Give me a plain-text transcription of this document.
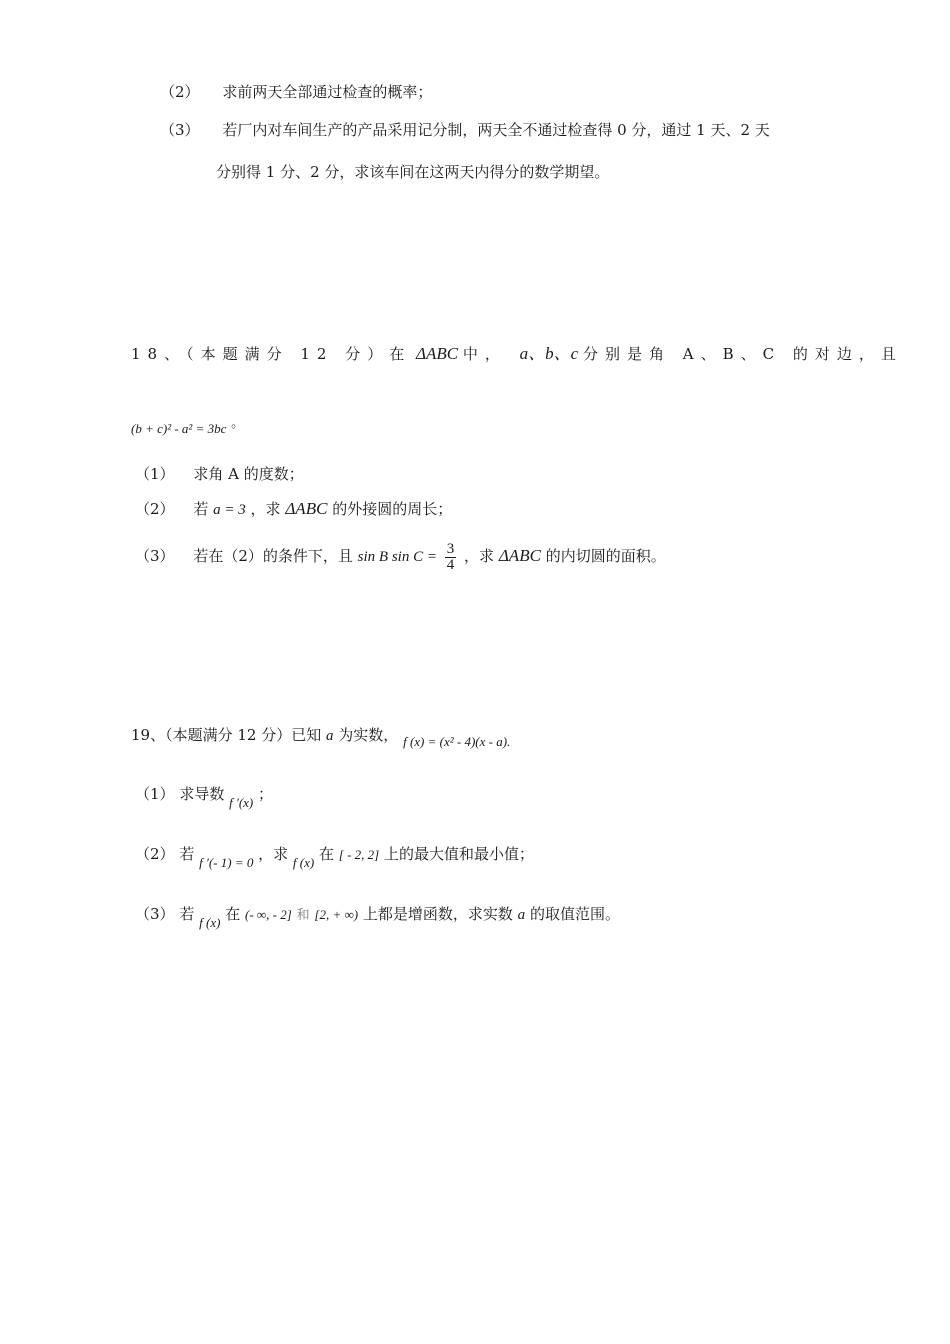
（2） 求前两天全部通过检查的概率；
（3） 若厂内对车间生产的产品采用记分制，两天全不通过检查得 0 分，通过 1 天、2 天
分别得 1 分、2 分，求该车间在这两天内得分的数学期望。
18、（本题满分 12 分）在 ΔABC 中， a、b、c 分别是角 A、B、C 的对边，且
(b + c)² - a² = 3bc 。
（1） 求角 A 的度数；
（2） 若 a = 3 ，求 ΔABC 的外接圆的周长；
（3） 若在（2）的条件下，且 sin B $\sin C = \frac{3}{4}$ ，求 ΔABC 的内切圆的面积。
19、（本题满分 12 分）已知 a 为实数， f (x) = (x² - 4)(x - a).
（1） 求导数 f ′(x) ；
（2） 若 f ′(- 1) = 0 ，求 f (x) 在 [ - 2, 2] 上的最大值和最小值；
（3） 若 f (x) 在 (- ∞, - 2] 和 [2, + ∞) 上都是增函数，求实数 a 的取值范围。
